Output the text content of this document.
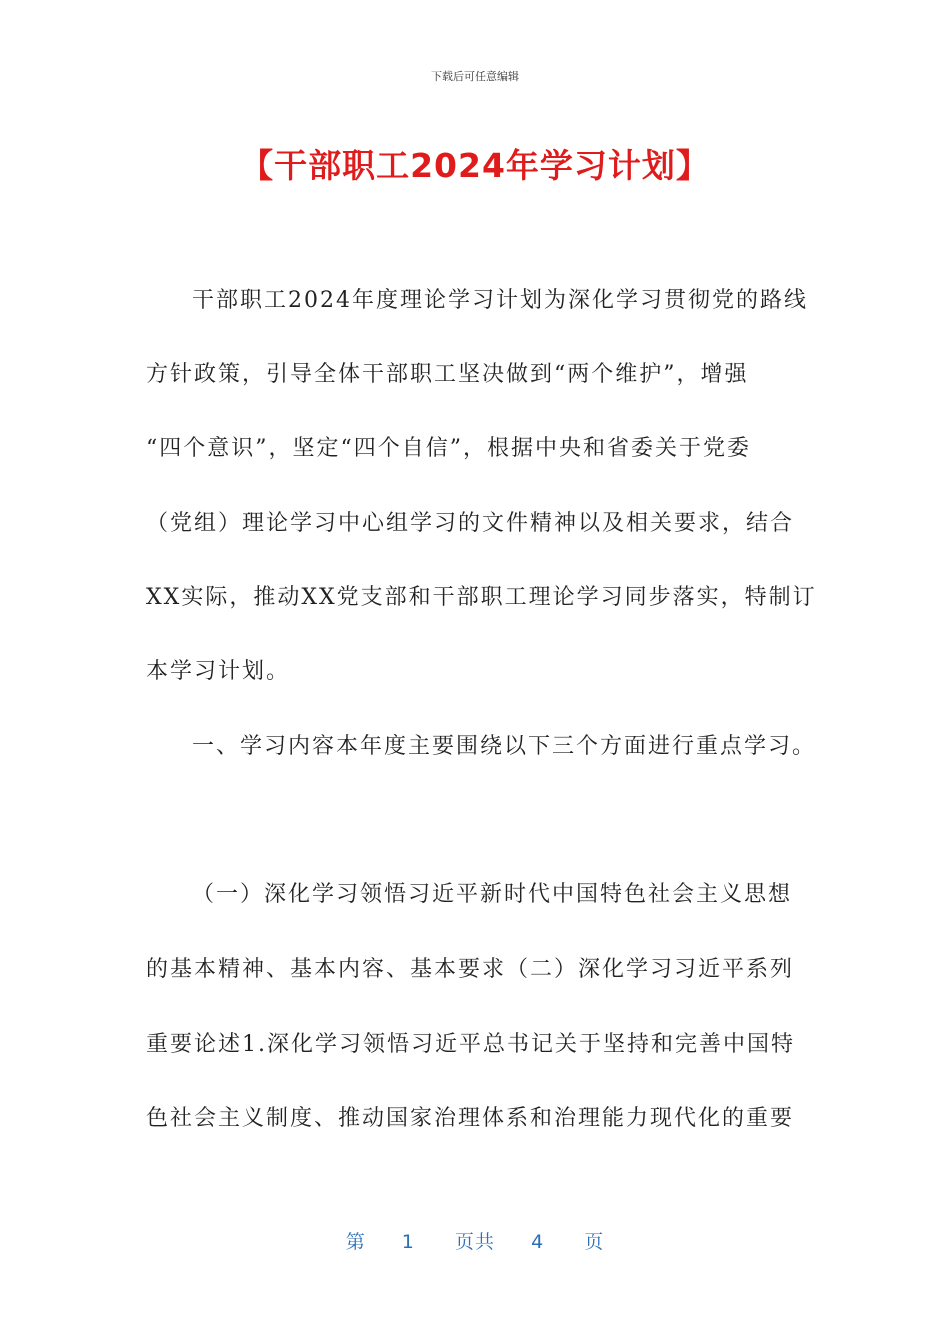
下载后可任意编辑
【干部职工2024年学习计划】
干部职工2024年度理论学习计划为深化学习贯彻党的路线
方针政策，引导全体干部职工坚决做到“两个维护”，增强
“四个意识”，坚定“四个自信”，根据中央和省委关于党委
（党组）理论学习中心组学习的文件精神以及相关要求，结合
XX实际，推动XX党支部和干部职工理论学习同步落实，特制订
本学习计划。
一、学习内容本年度主要围绕以下三个方面进行重点学习。
（一）深化学习领悟习近平新时代中国特色社会主义思想
的基本精神、基本内容、基本要求（二）深化学习习近平系列
重要论述1.深化学习领悟习近平总书记关于坚持和完善中国特
色社会主义制度、推动国家治理体系和治理能力现代化的重要
第 1 页共 4 页
